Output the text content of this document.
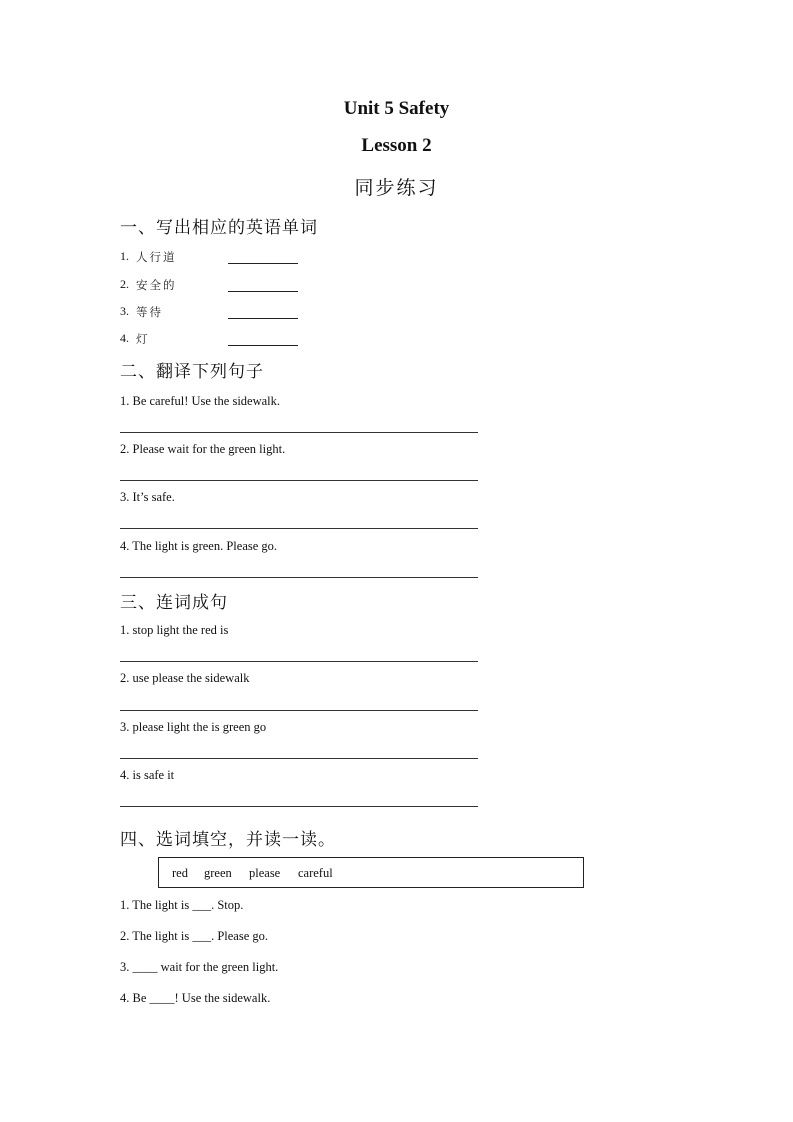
Unit 5 Safety
Lesson 2
同步练习
一、写出相应的英语单词
1. 人行道
2. 安全的
3. 等待
4. 灯
二、翻译下列句子
1. Be careful! Use the sidewalk.
2. Please wait for the green light.
3. It’s safe.
4. The light is green. Please go.
三、连词成句
1. stop light the red is
2. use please the sidewalk
3. please light the is green go
4. is safe it
四、选词填空，并读一读。
red green please careful
1. The light is ___. Stop.
2. The light is ___. Please go.
3. ____ wait for the green light.
4. Be ____! Use the sidewalk.
